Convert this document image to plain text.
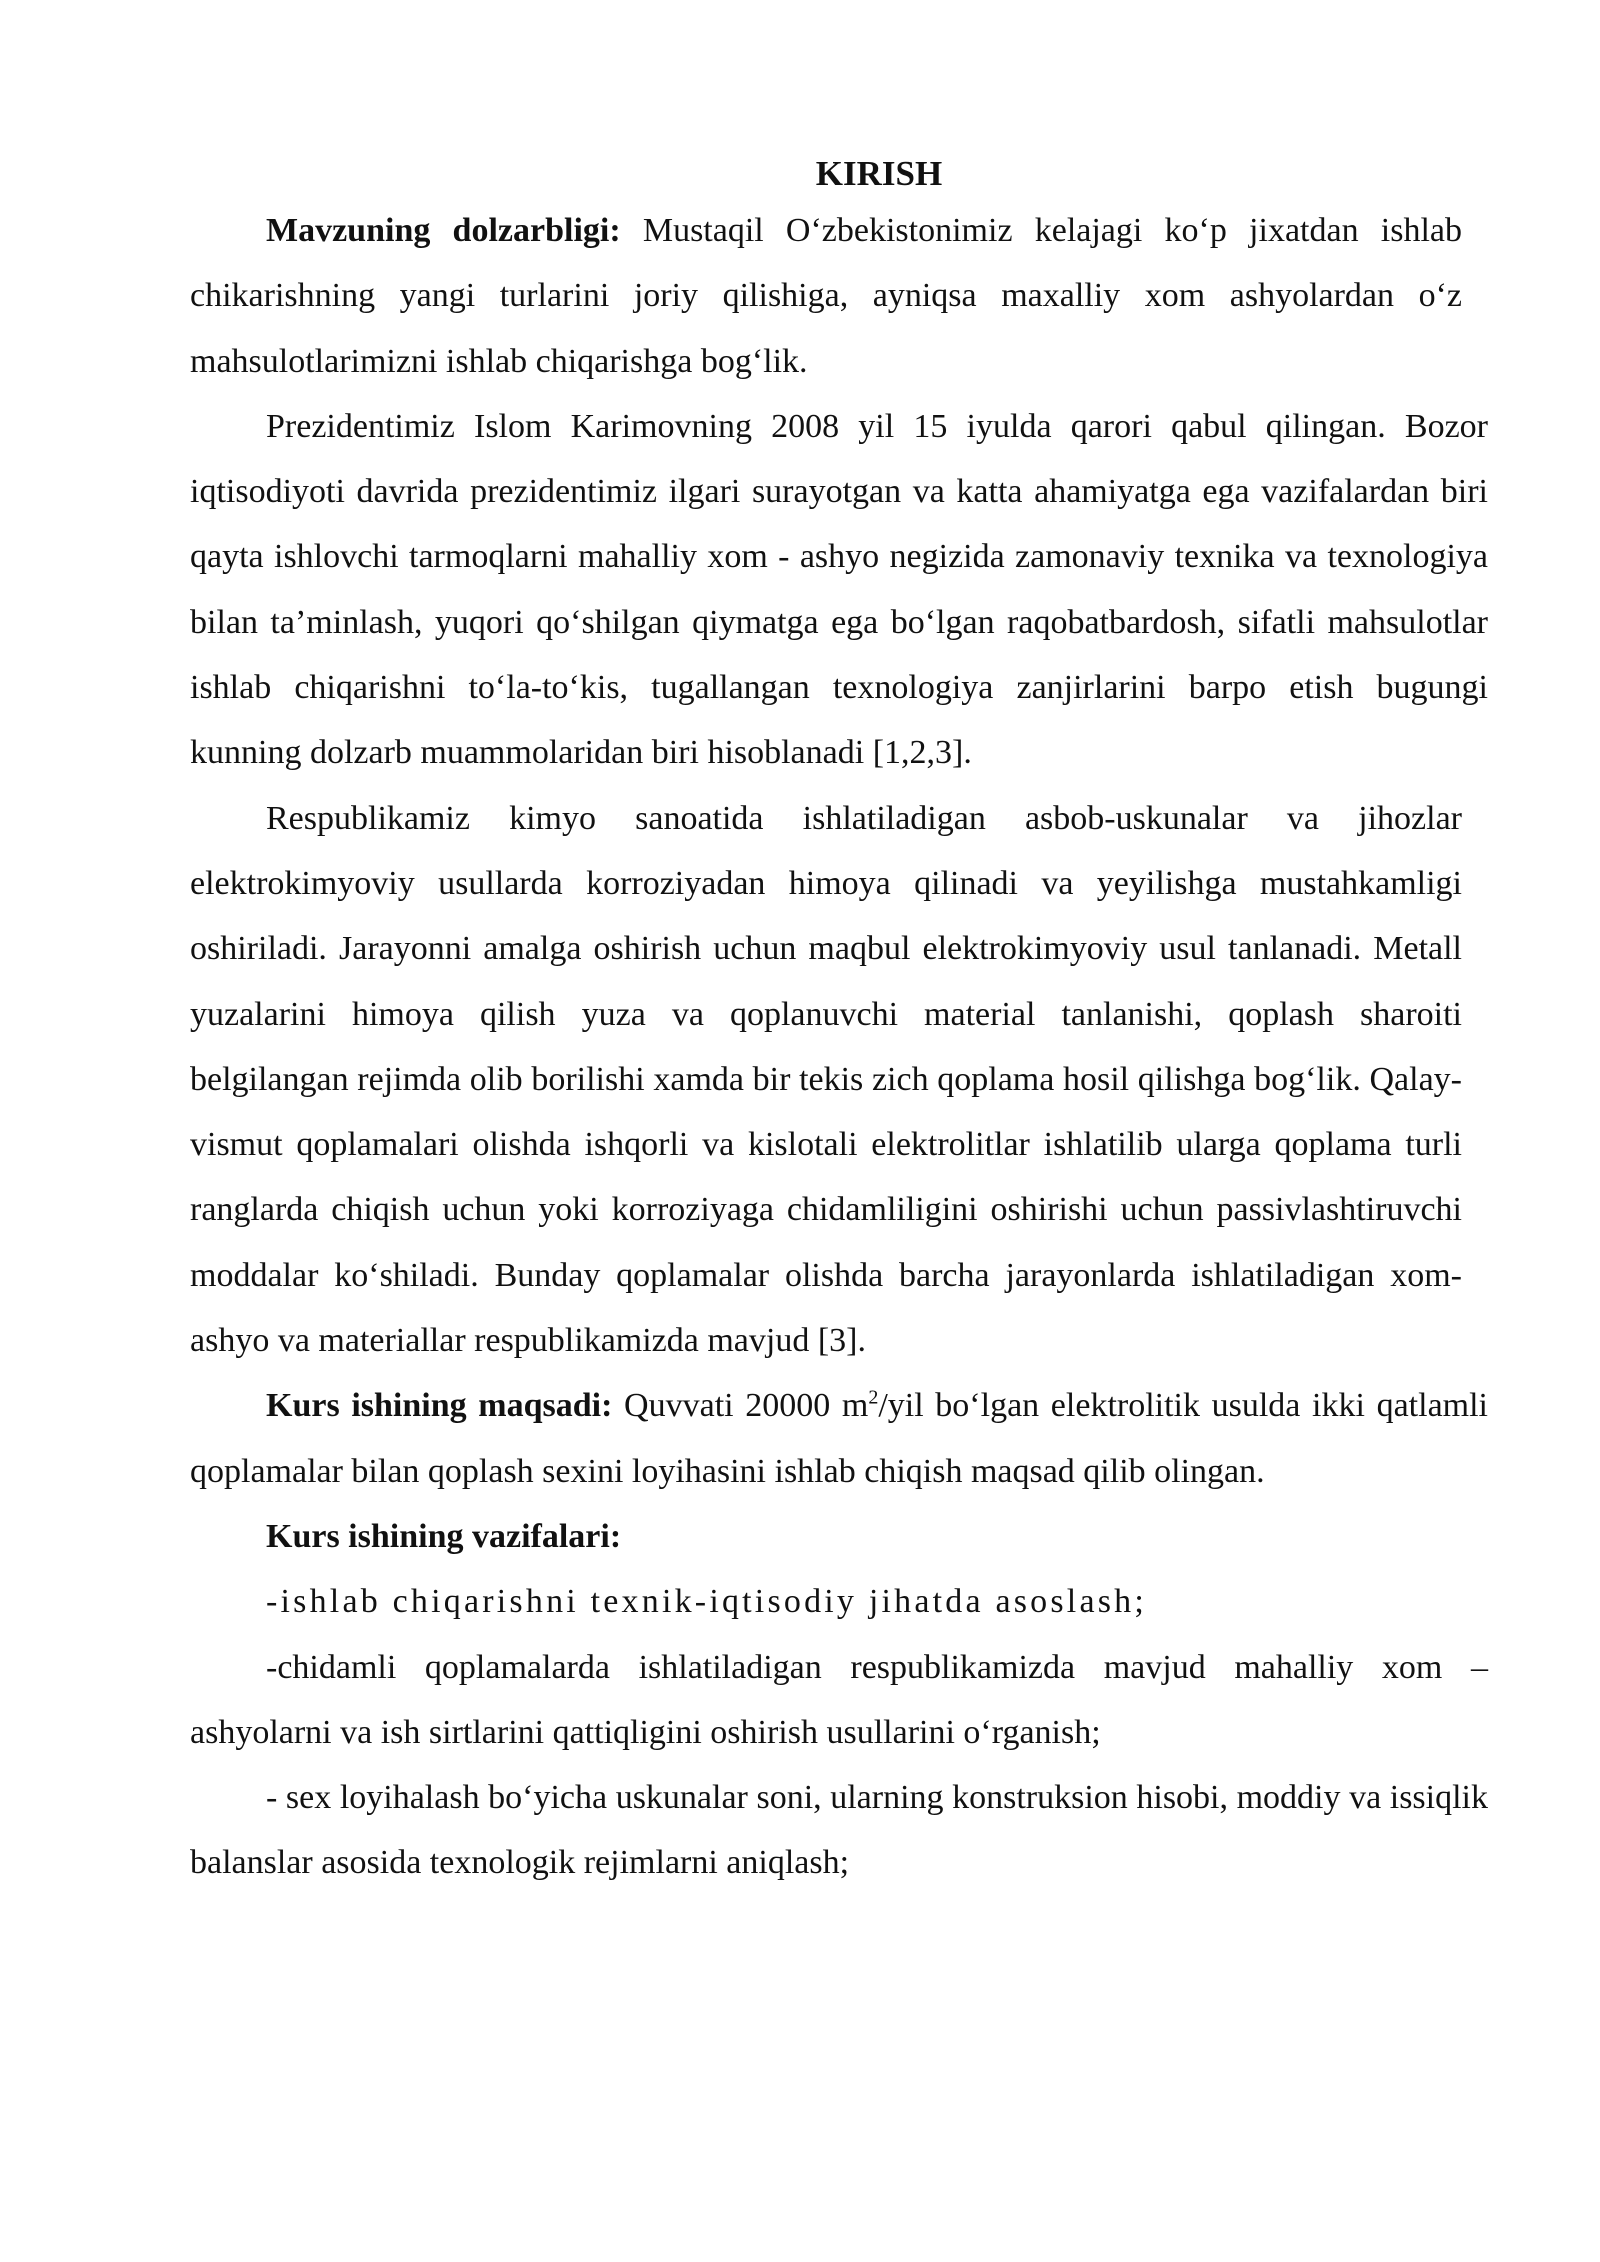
KIRISH

Mavzuning dolzarbligi: Mustaqil O‘zbekistonimiz kelajagi ko‘p jixatdan ishlab chikarishning yangi turlarini joriy qilishiga, ayniqsa maxalliy xom ashyolardan o‘z mahsulotlarimizni ishlab chiqarishga bog‘lik.

Prezidentimiz Islom Karimovning 2008 yil 15 iyulda qarori qabul qilingan. Bozor iqtisodiyoti davrida prezidentimiz ilgari surayotgan va katta ahamiyatga ega vazifalardan biri qayta ishlovchi tarmoqlarni mahalliy xom - ashyo negizida zamonaviy texnika va texnologiya bilan ta’minlash, yuqori qo‘shilgan qiymatga ega bo‘lgan raqobatbardosh, sifatli mahsulotlar ishlab chiqarishni to‘la-to‘kis, tugallangan texnologiya zanjirlarini barpo etish bugungi kunning dolzarb muammolaridan biri hisoblanadi [1,2,3].

Respublikamiz kimyo sanoatida ishlatiladigan asbob-uskunalar va jihozlar elektrokimyoviy usullarda korroziyadan himoya qilinadi va yeyilishga mustahkamligi oshiriladi. Jarayonni amalga oshirish uchun maqbul elektrokimyoviy usul tanlanadi. Metall yuzalarini himoya qilish yuza va qoplanuvchi material tanlanishi, qoplash sharoiti belgilangan rejimda olib borilishi xamda bir tekis zich qoplama hosil qilishga bog‘lik. Qalay-vismut qoplamalari olishda ishqorli va kislotali elektrolitlar ishlatilib ularga qoplama turli ranglarda chiqish uchun yoki korroziyaga chidamliligini oshirishi uchun passivlashtiruvchi moddalar ko‘shiladi. Bunday qoplamalar olishda barcha jarayonlarda ishlatiladigan xom-ashyo va materiallar respublikamizda mavjud [3].

Kurs ishining maqsadi: Quvvati 20000 $m^2$/yil bo‘lgan elektrolitik usulda ikki qatlamli qoplamalar bilan qoplash sexini loyihasini ishlab chiqish maqsad qilib olingan.

Kurs ishining vazifalari:

-ishlab chiqarishni texnik-iqtisodiy jihatda asoslash;

-chidamli qoplamalarda ishlatiladigan respublikamizda mavjud mahalliy xom – ashyolarni va ish sirtlarini qattiqligini oshirish usullarini o‘rganish;

- sex loyihalash bo‘yicha uskunalar soni, ularning konstruksion hisobi, moddiy va issiqlik balanslar asosida texnologik rejimlarni aniqlash;
